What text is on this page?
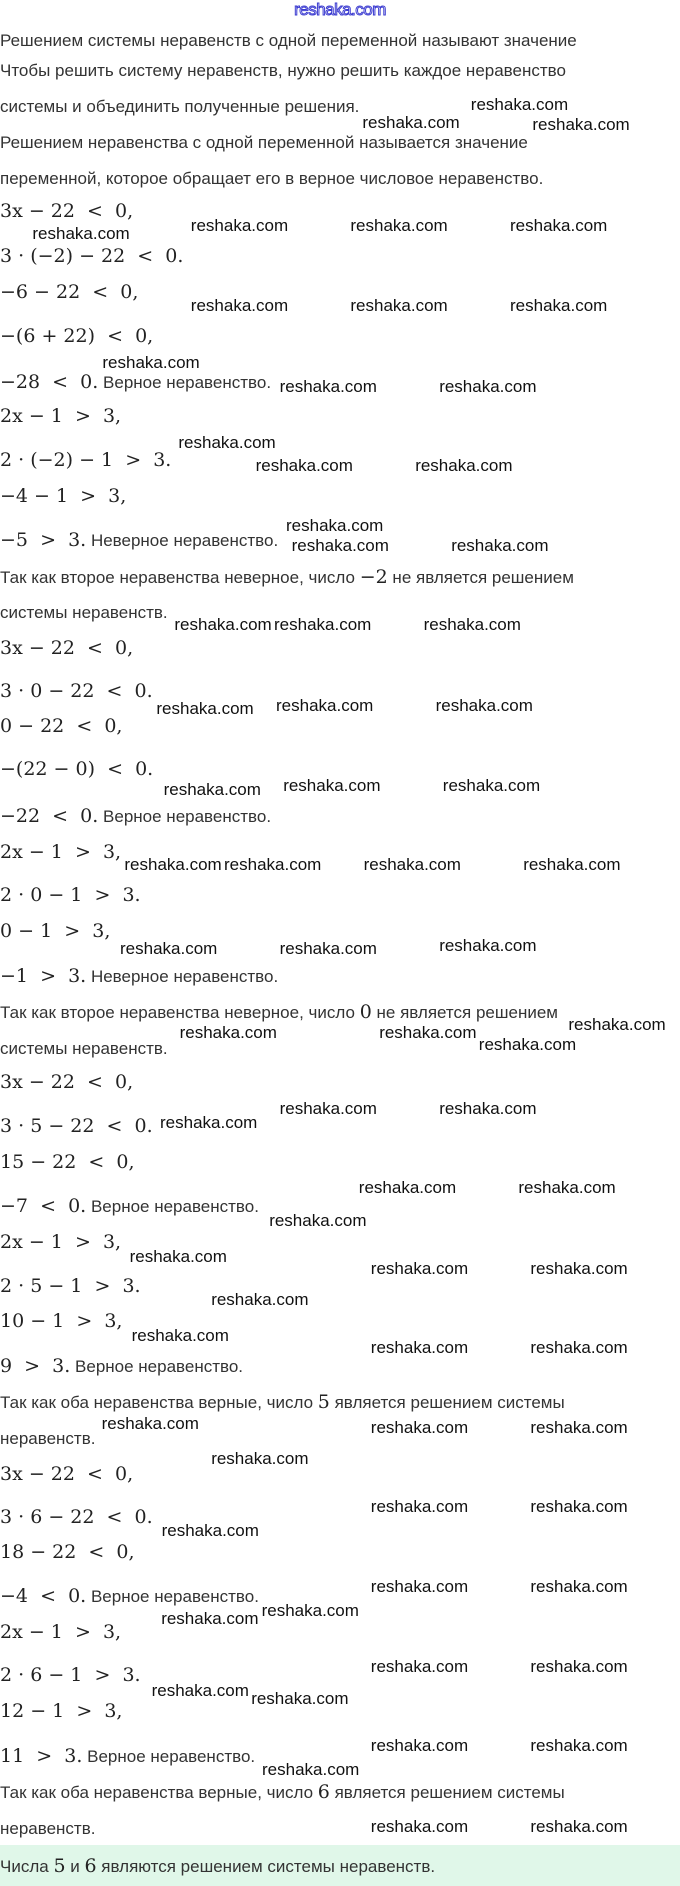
reshaka.com
Решением системы неравенств с одной переменной называют значение
Чтобы решить систему неравенств, нужно решить каждое неравенство
системы и объединить полученные решения.
Решением неравенства с одной переменной называется значение
переменной, которое обращает его в верное числовое неравенство.
3x − 22  <  0,
3 · (−2) − 22  <  0.
−6 − 22  <  0,
−(6 + 22)  <  0,
−28  <  0. Верное неравенство.
2x − 1  >  3,
2 · (−2) − 1  >  3.
−4 − 1  >  3,
−5  >  3. Неверное неравенство.
Так как второе неравенства неверное, число −2 не является решением
системы неравенств.
3x − 22  <  0,
3 · 0 − 22  <  0.
0 − 22  <  0,
−(22 − 0)  <  0.
−22  <  0. Верное неравенство.
2x − 1  >  3,
2 · 0 − 1  >  3.
0 − 1  >  3,
−1  >  3. Неверное неравенство.
Так как второе неравенства неверное, число 0 не является решением
системы неравенств.
3x − 22  <  0,
3 · 5 − 22  <  0.
15 − 22  <  0,
−7  <  0. Верное неравенство.
2x − 1  >  3,
2 · 5 − 1  >  3.
10 − 1  >  3,
9  >  3. Верное неравенство.
Так как оба неравенства верные, число 5 является решением системы
неравенств.
3x − 22  <  0,
3 · 6 − 22  <  0.
18 − 22  <  0,
−4  <  0. Верное неравенство.
2x − 1  >  3,
2 · 6 − 1  >  3.
12 − 1  >  3,
11  >  3. Верное неравенство.
Так как оба неравенства верные, число 6 является решением системы
неравенств.
reshaka.com	reshaka.com
reshaka.com
reshaka.com	reshaka.com	reshaka.com
reshaka.com
reshaka.com	reshaka.com	reshaka.com
reshaka.com
reshaka.com	reshaka.com
reshaka.com
reshaka.com	reshaka.com
reshaka.com
reshaka.com	reshaka.com
reshaka.com reshaka.com	reshaka.com
reshaka.com	reshaka.com
reshaka.com
reshaka.com	reshaka.com
reshaka.com
reshaka.com reshaka.com reshaka.com	reshaka.com
reshaka.com
reshaka.com	reshaka.com
reshaka.com
reshaka.com	reshaka.com
reshaka.com
reshaka.com	reshaka.com
reshaka.com
reshaka.com	reshaka.com
reshaka.com
reshaka.com
reshaka.com	reshaka.com
reshaka.com
reshaka.com
reshaka.com	reshaka.com
reshaka.com	reshaka.com	reshaka.com
reshaka.com
reshaka.com	reshaka.com
reshaka.com
reshaka.com	reshaka.com
reshaka.com
reshaka.com
reshaka.com	reshaka.com
reshaka.com reshaka.com
reshaka.com	reshaka.com
reshaka.com
reshaka.com	reshaka.com
Числа 5 и 6 являются решением системы неравенств.
